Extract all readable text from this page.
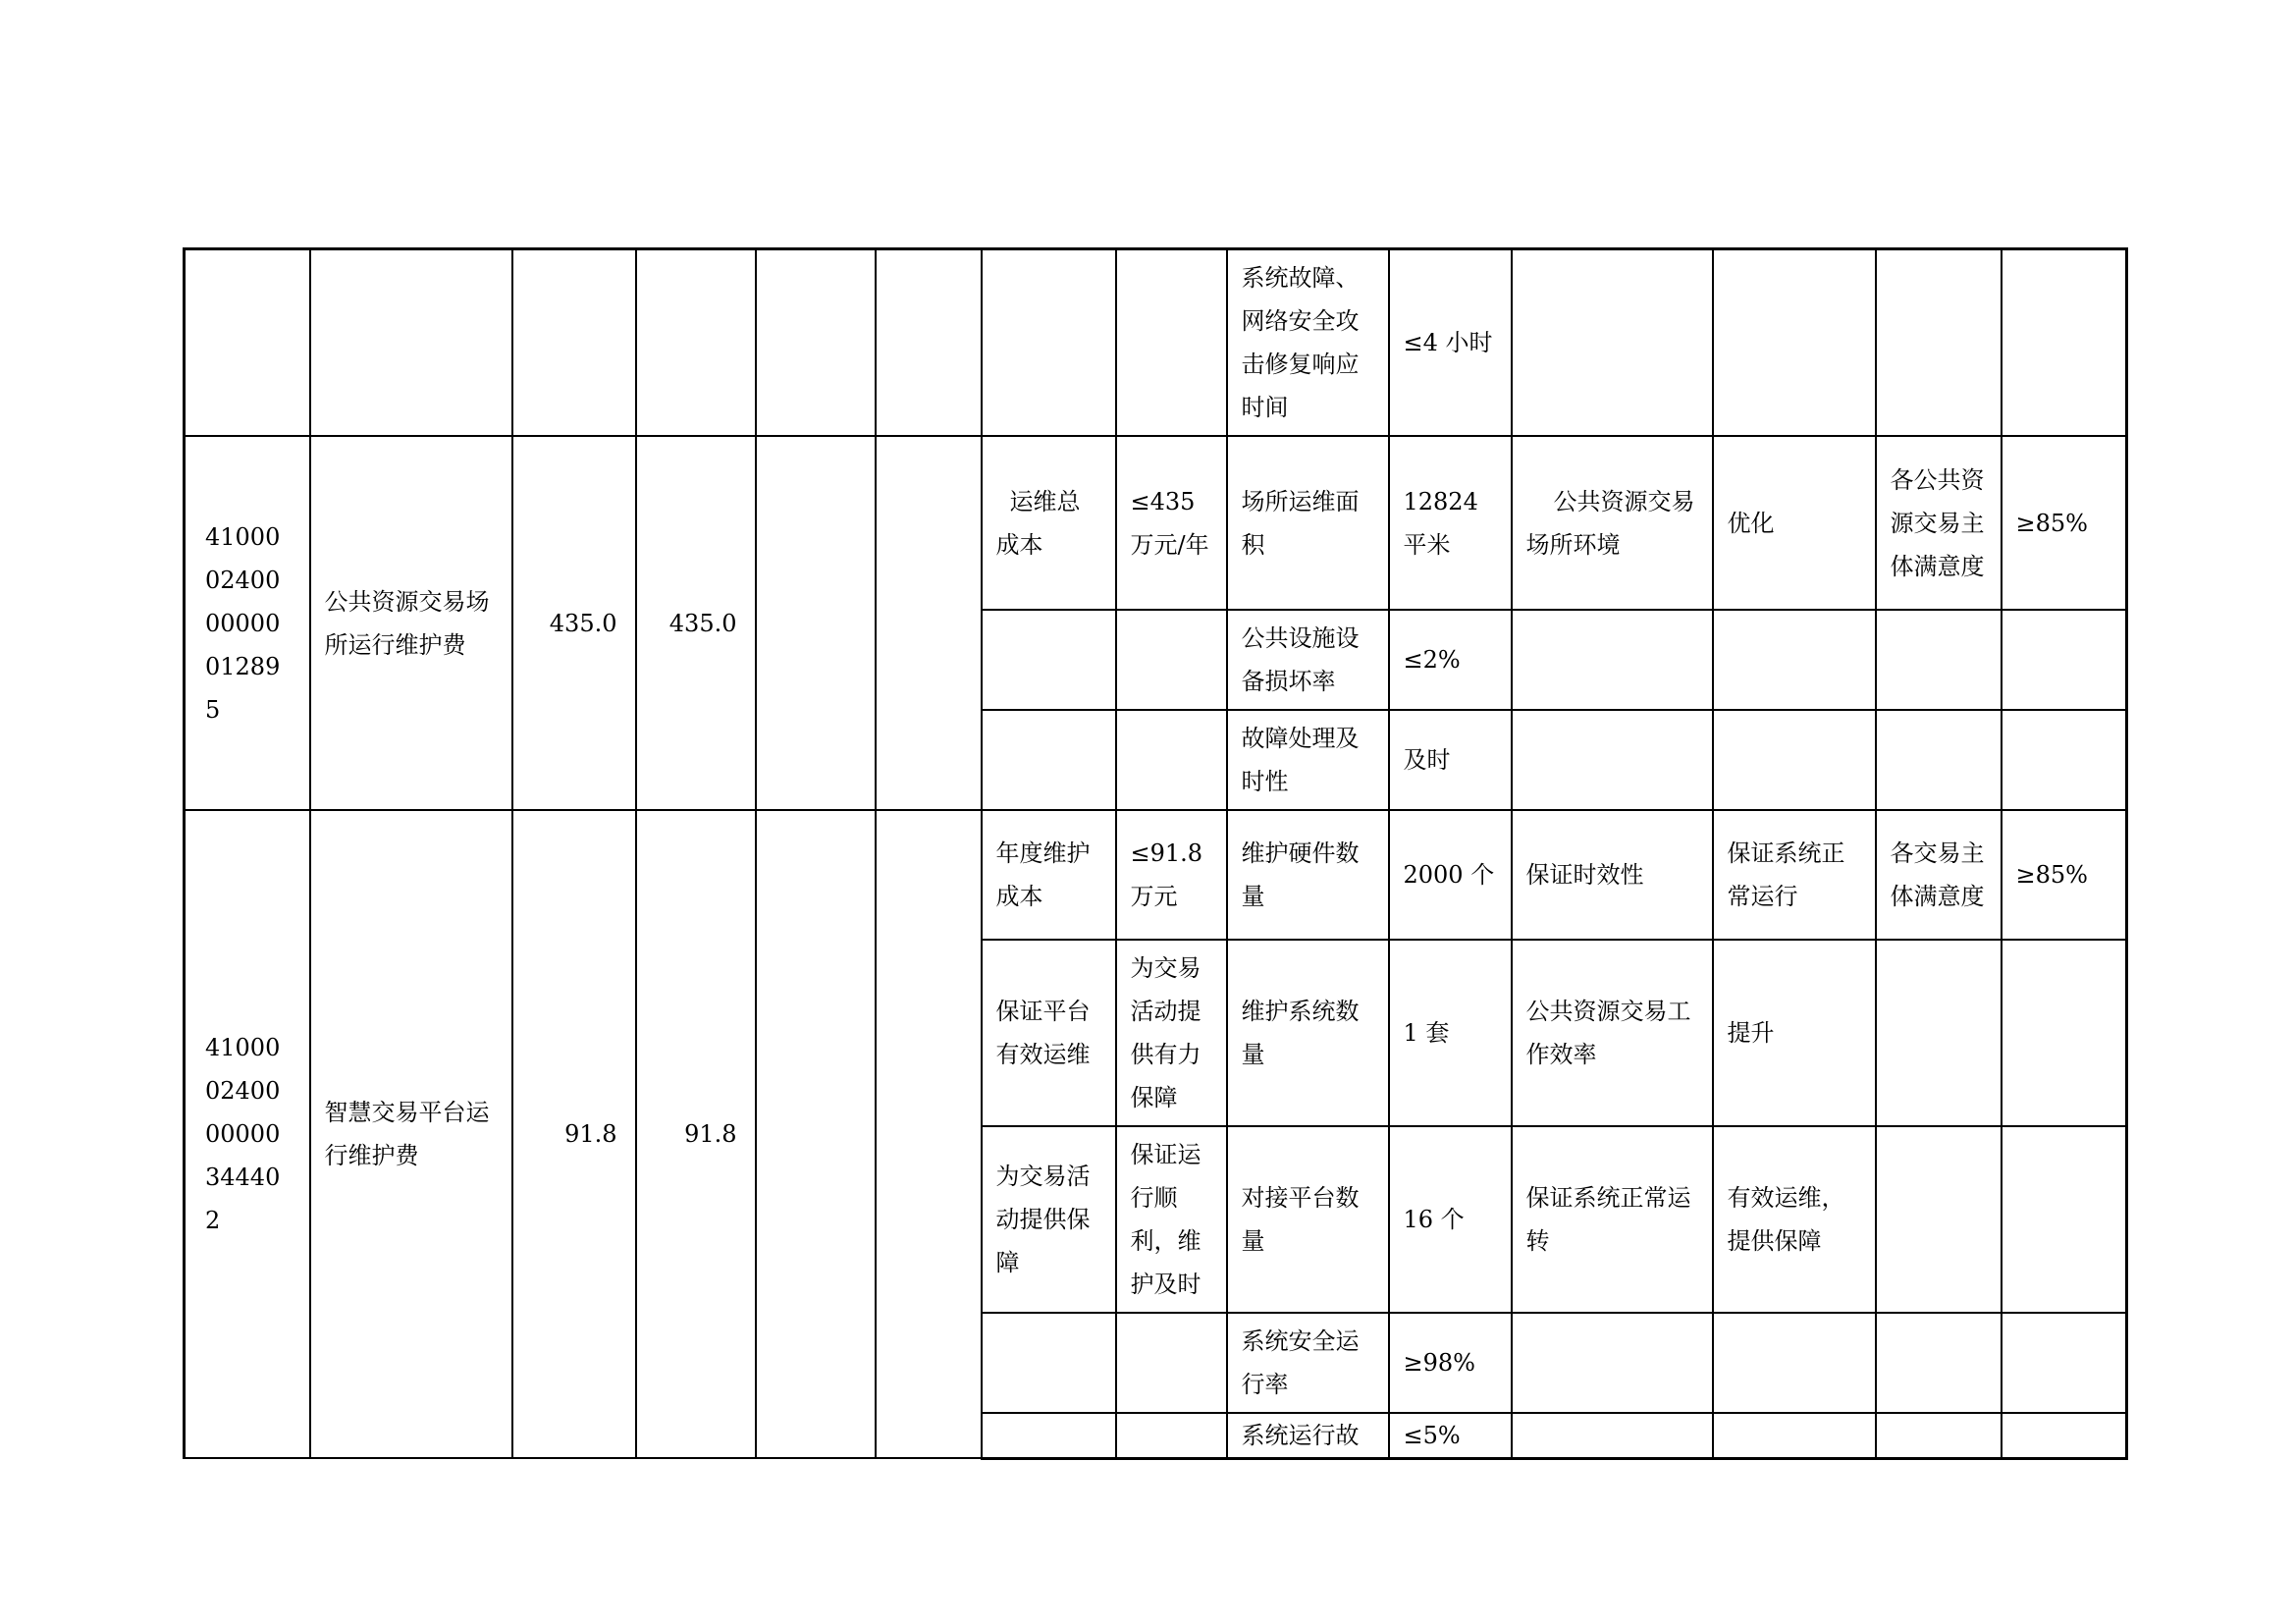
								系统故障、网络安全攻击修复响应时间	≤4 小时				
410000240000000012895	公共资源交易场所运行维护费	435.0	435.0			运维总成本	≤435 万元/年	场所运维面积	12824 平米	公共资源交易场所环境	优化	各公共资源交易主体满意度	≥85%
								公共设施设备损坏率	≤2%				
								故障处理及时性	及时				
410000240000000344402	智慧交易平台运行维护费	91.8	91.8			年度维护成本	≤91.8 万元	维护硬件数量	2000 个	保证时效性	保证系统正常运行	各交易主体满意度	≥85%
						保证平台有效运维	为交易活动提供有力保障	维护系统数量	1 套	公共资源交易工作效率	提升		
						为交易活动提供保障	保证运行顺利，维护及时	对接平台数量	16 个	保证系统正常运转	有效运维，提供保障		
								系统安全运行率	≥98%				
								系统运行故	≤5%				
